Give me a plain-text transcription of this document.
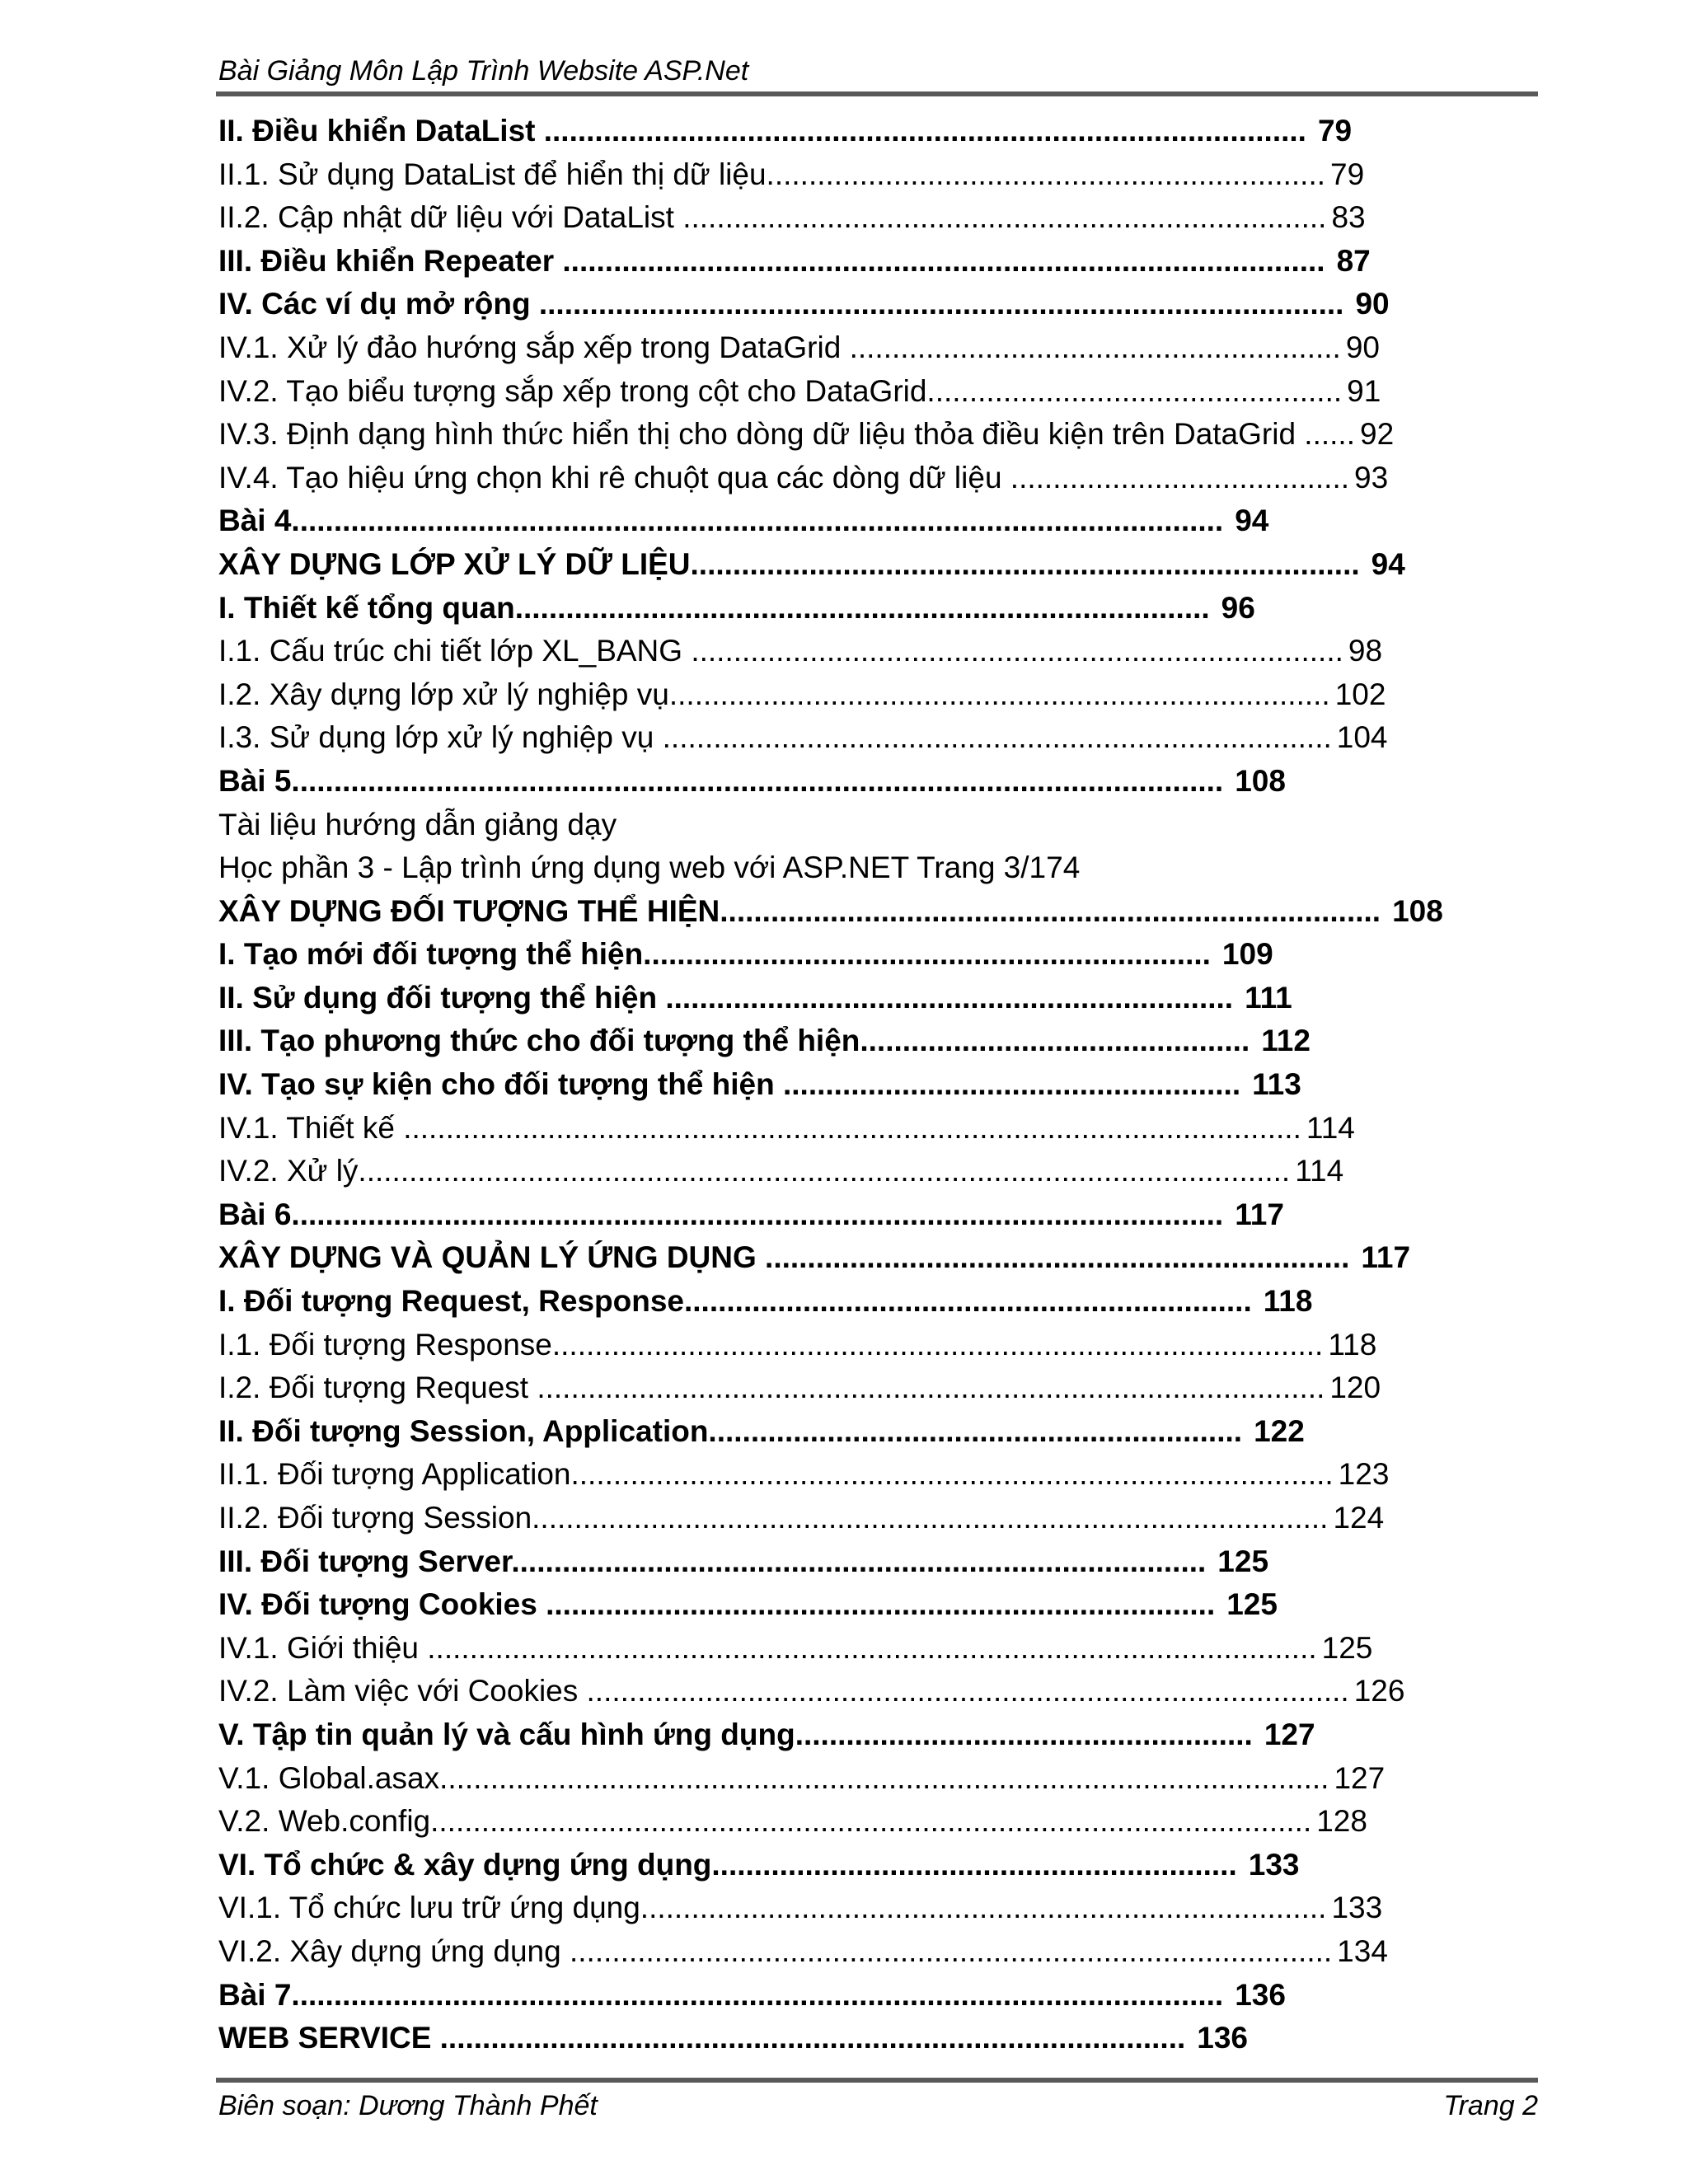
Bài Giảng Môn Lập Trình Website ASP.Net
II. Điều khiển DataList .......................................................................................... 79
II.1. Sử dụng DataList để hiển thị dữ liệu.................................................................. 79
II.2. Cập nhật dữ liệu với DataList ............................................................................ 83
III. Điều khiển Repeater .......................................................................................... 87
IV. Các ví dụ mở rộng ............................................................................................... 90
IV.1. Xử lý đảo hướng sắp xếp trong DataGrid .......................................................... 90
IV.2. Tạo biểu tượng sắp xếp trong cột cho DataGrid................................................. 91
IV.3. Định dạng hình thức hiển thị cho dòng dữ liệu thỏa điều kiện trên DataGrid ...... 92
IV.4. Tạo hiệu ứng chọn khi rê chuột qua các dòng dữ liệu ........................................ 93
Bài 4.............................................................................................................. 94
XÂY DỰNG LỚP XỬ LÝ DỮ LIỆU............................................................................... 94
I. Thiết kế tổng quan.................................................................................. 96
I.1. Cấu trúc chi tiết lớp XL_BANG ............................................................................. 98
I.2. Xây dựng lớp xử lý nghiệp vụ.............................................................................. 102
I.3. Sử dụng lớp xử lý nghiệp vụ ............................................................................... 104
Bài 5.............................................................................................................. 108
Tài liệu hướng dẫn giảng dạy
Học phần 3 - Lập trình ứng dụng web với ASP.NET Trang 3/174
XÂY DỰNG ĐỐI TƯỢNG THỂ HIỆN.............................................................................. 108
I. Tạo mới đối tượng thể hiện................................................................... 109
II. Sử dụng đối tượng thể hiện ................................................................... 111
III. Tạo phương thức cho đối tượng thể hiện.............................................. 112
IV. Tạo sự kiện cho đối tượng thể hiện ...................................................... 113
IV.1. Thiết kế .......................................................................................................... 114
IV.2. Xử lý.............................................................................................................. 114
Bài 6.............................................................................................................. 117
XÂY DỰNG VÀ QUẢN LÝ ỨNG DỤNG ..................................................................... 117
I. Đối tượng Request, Response................................................................... 118
I.1. Đối tượng Response........................................................................................... 118
I.2. Đối tượng Request ............................................................................................. 120
II. Đối tượng Session, Application............................................................... 122
II.1. Đối tượng Application.......................................................................................... 123
II.2. Đối tượng Session.............................................................................................. 124
III. Đối tượng Server.................................................................................. 125
IV. Đối tượng Cookies ............................................................................... 125
IV.1. Giới thiệu ......................................................................................................... 125
IV.2. Làm việc với Cookies .......................................................................................... 126
V. Tập tin quản lý và cấu hình ứng dụng...................................................... 127
V.1. Global.asax......................................................................................................... 127
V.2. Web.config........................................................................................................ 128
VI. Tổ chức & xây dựng ứng dụng.............................................................. 133
VI.1. Tổ chức lưu trữ ứng dụng................................................................................. 133
VI.2. Xây dựng ứng dụng .......................................................................................... 134
Bài 7.............................................................................................................. 136
WEB SERVICE ........................................................................................ 136
Biên soạn: Dương Thành Phết	Trang 2
